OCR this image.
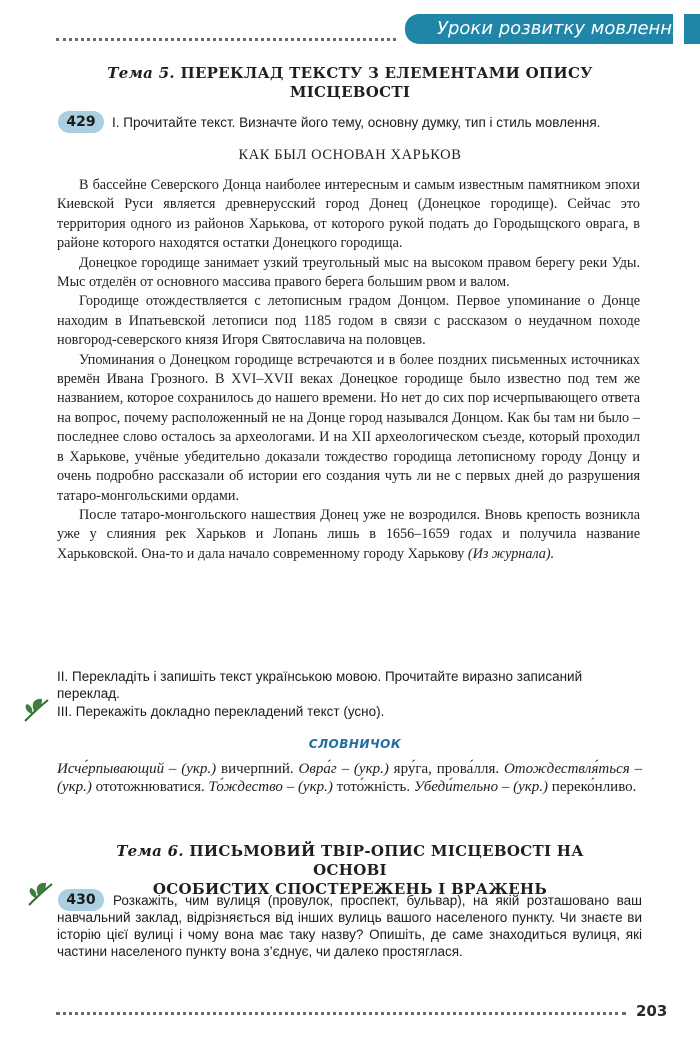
Уроки розвитку мовлення
Тема 5. ПЕРЕКЛАД ТЕКСТУ З ЕЛЕМЕНТАМИ ОПИСУ
МІСЦЕВОСТІ
429	І. Прочитайте текст. Визначте його тему, основну думку, тип і стиль мовлення.
КАК БЫЛ ОСНОВАН ХАРЬКОВ

В бассейне Северского Донца наиболее интересным и самым известным памятником эпохи Киевской Руси является древнерусский город Донец (Донецкое городище). Сейчас это территория одного из районов Харькова, от которого рукой подать до Городыщского оврага, в районе которого находятся остатки Донецкого городища.

Донецкое городище занимает узкий треугольный мыс на высоком правом берегу реки Уды. Мыс отделён от основного массива правого берега большим рвом и валом.

Городище отождествляется с летописным градом Донцом. Первое упоминание о Донце находим в Ипатьевской летописи под 1185 годом в связи с рассказом о неудачном походе новгород-северского князя Игоря Святославича на половцев.

Упоминания о Донецком городище встречаются и в более поздних письменных источниках времён Ивана Грозного. В XVI–XVII веках Донецкое городище было известно под тем же названием, которое сохранилось до нашего времени. Но нет до сих пор исчерпывающего ответа на вопрос, почему расположенный не на Донце город назывался Донцом. Как бы там ни было – последнее слово осталось за археологами. И на XII археологическом съезде, который проходил в Харькове, учёные убедительно доказали тождество городища летописному городу Донцу и очень подробно рассказали об истории его создания чуть ли не с первых дней до разрушения татаро-монгольскими ордами.

После татаро-монгольского нашествия Донец уже не возродился. Вновь крепость возникла уже у слияния рек Харьков и Лопань лишь в 1656–1659 годах и получила название Харьковской. Она-то и дала начало современному городу Харькову (Из журнала).

ІІ. Перекладіть і запишіть текст українською мовою. Прочитайте виразно записаний переклад.
ІІІ. Перекажіть докладно перекладений текст (усно).
СЛОВНИЧОК
Исче́рпывающий – (укр.) вичерпний. Овра́г – (укр.) яру́га, прова́лля. Отождествля́ться – (укр.) ототожнюватися. То́ждество – (укр.) тото́жність. Убеди́тельно – (укр.) переко́нливо.
Тема 6. ПИСЬМОВИЙ ТВІР-ОПИС МІСЦЕВОСТІ НА ОСНОВІ
ОСОБИСТИХ СПОСТЕРЕЖЕНЬ І ВРАЖЕНЬ
430	Розкажіть, чим вулиця (провулок, проспект, бульвар), на якій розташовано ваш навчальний заклад, відрізняється від інших вулиць вашого населеного пункту. Чи знаєте ви історію цієї вулиці і чому вона має таку назву? Опишіть, де саме знаходиться вулиця, які частини населеного пункту вона з’єднує, чи далеко простяглася.
203
